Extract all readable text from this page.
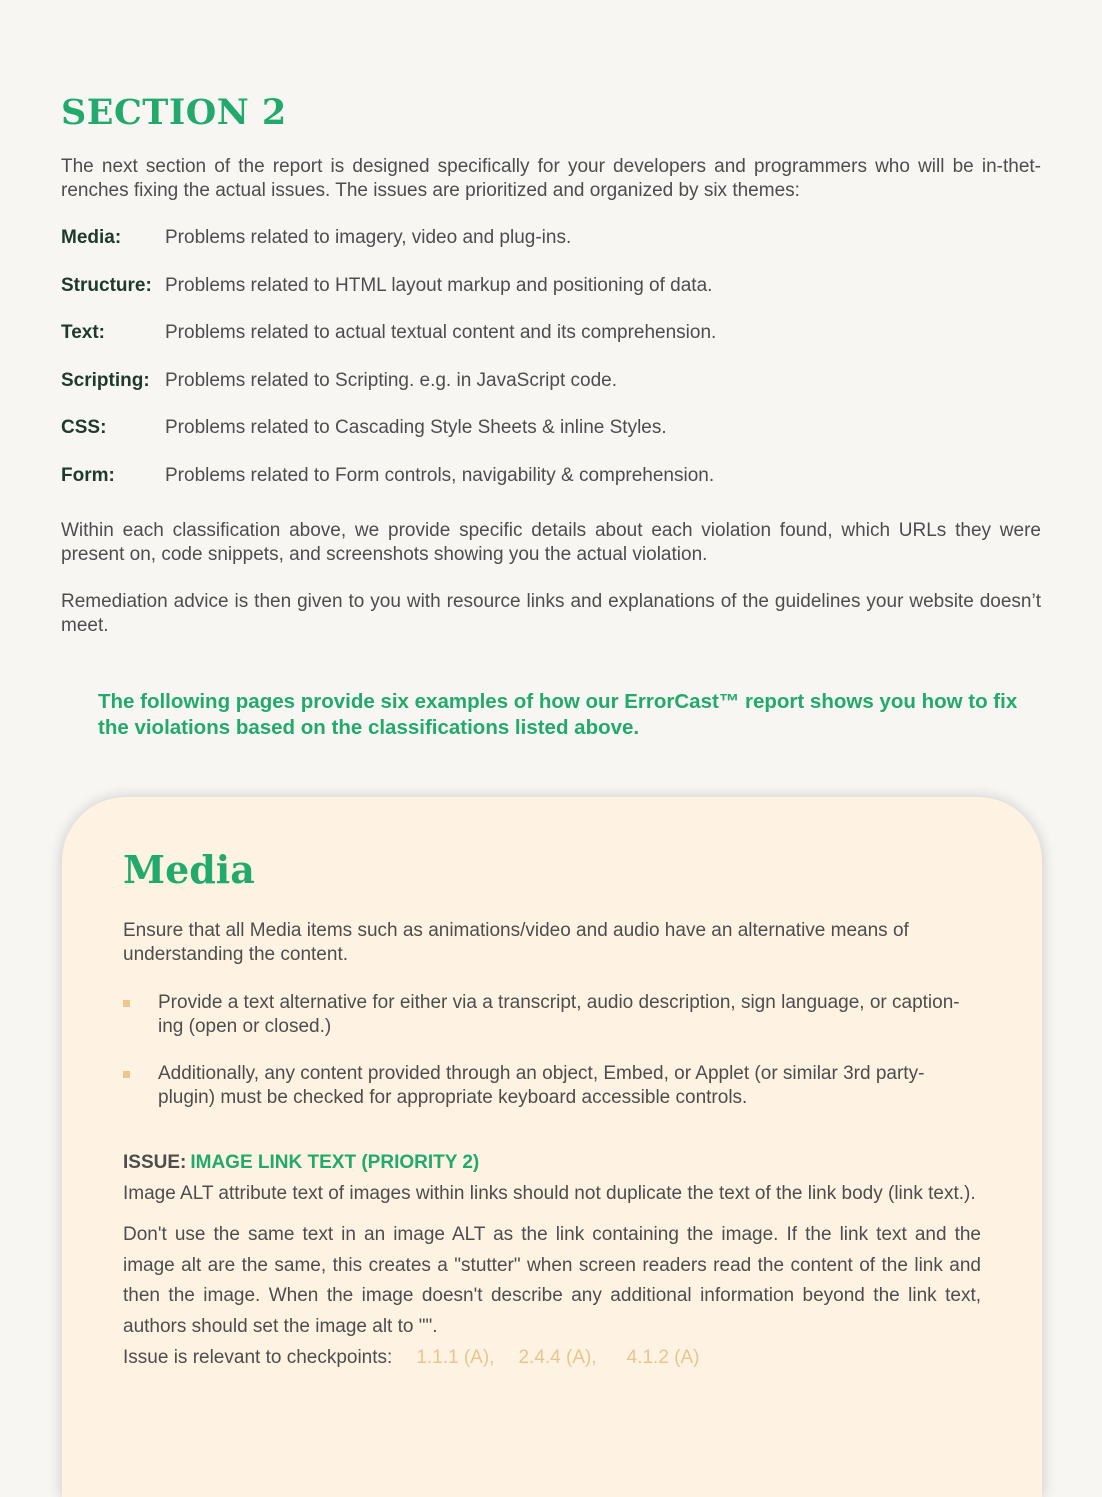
SECTION 2

The next section of the report is designed specifically for your developers and programmers who will be in-thet-renches fixing the actual issues. The issues are prioritized and organized by six themes:

Media:	Problems related to imagery, video and plug-ins.
Structure: Problems related to HTML layout markup and positioning of data.
Text:	Problems related to actual textual content and its comprehension.
Scripting: Problems related to Scripting. e.g. in JavaScript code.
CSS:	Problems related to Cascading Style Sheets & inline Styles.
Form:	Problems related to Form controls, navigability & comprehension.

Within each classification above, we provide specific details about each violation found, which URLs they were present on, code snippets, and screenshots showing you the actual violation.

Remediation advice is then given to you with resource links and explanations of the guidelines your website doesn’t meet.

The following pages provide six examples of how our ErrorCast™ report shows you how to fix the violations based on the classifications listed above.

Media

Ensure that all Media items such as animations/video and audio have an alternative means of understanding the content.

Provide a text alternative for either via a transcript, audio description, sign language, or caption-ing (open or closed.)
Additionally, any content provided through an object, Embed, or Applet (or similar 3rd party-plugin) must be checked for appropriate keyboard accessible controls.

ISSUE: IMAGE LINK TEXT (PRIORITY 2)

Image ALT attribute text of images within links should not duplicate the text of the link body (link text.).

Don't use the same text in an image ALT as the link containing the image. If the link text and the image alt are the same, this creates a "stutter" when screen readers read the content of the link and then the image. When the image doesn't describe any additional information beyond the link text, authors should set the image alt to "".

Issue is relevant to checkpoints: 1.1.1 (A), 2.4.4 (A), 4.1.2 (A)
